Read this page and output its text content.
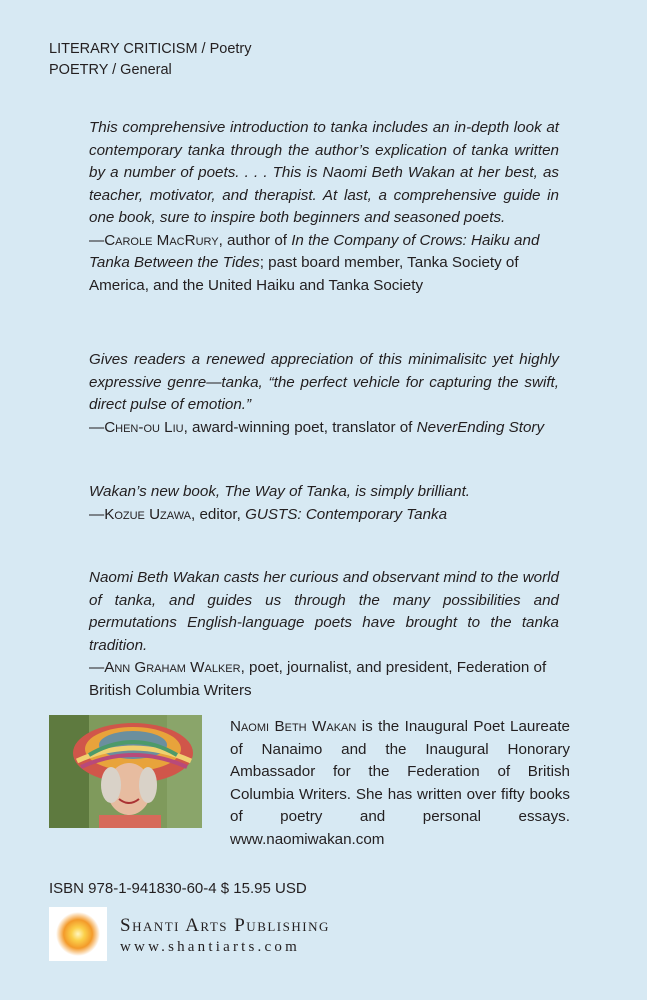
LITERARY CRITICISM / Poetry
POETRY / General

This comprehensive introduction to tanka includes an in-depth look at contemporary tanka through the author’s explication of tanka written by a number of poets. . . . This is Naomi Beth Wakan at her best, as teacher, motivator, and therapist. At last, a comprehensive guide in one book, sure to inspire both beginners and seasoned poets.

—Carole MacRury, author of In the Company of Crows: Haiku and Tanka Between the Tides; past board member, Tanka Society of America, and the United Haiku and Tanka Society

Gives readers a renewed appreciation of this minimalisitc yet highly expressive genre—tanka, “the perfect vehicle for capturing the swift, direct pulse of emotion.”

—Chen-ou Liu, award-winning poet, translator of NeverEnding Story

Wakan’s new book, The Way of Tanka, is simply brilliant.

—Kozue Uzawa, editor, GUSTS: Contemporary Tanka

Naomi Beth Wakan casts her curious and observant mind to the world of tanka, and guides us through the many possibilities and permutations English-language poets have brought to the tanka tradition.

—Ann Graham Walker, poet, journalist, and president, Federation of British Columbia Writers

Naomi Beth Wakan is the Inaugural Poet Laureate of Nanaimo and the Inaugural Honorary Ambassador for the Federation of British Columbia Writers. She has written over fifty books of poetry and personal essays. www.naomiwakan.com
ISBN 978-1-941830-60-4 $ 15.95 USD
Shanti Arts Publishing
www.shantiarts.com
